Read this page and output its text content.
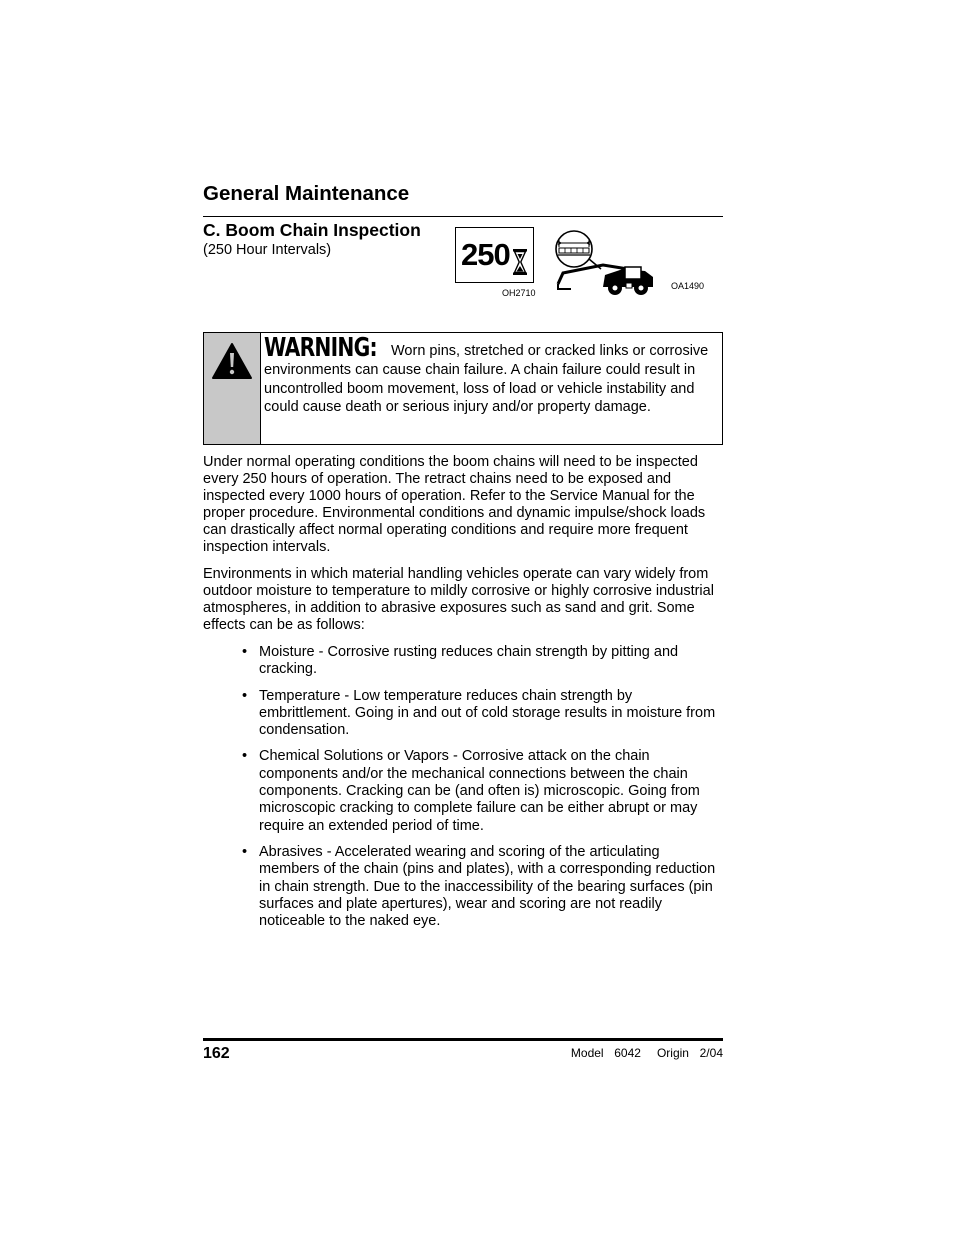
General Maintenance
C. Boom Chain Inspection
(250 Hour Intervals)	250
OH2710
OA1490
WARNING: Worn pins, stretched or cracked links or corrosive environments can cause chain failure. A chain failure could result in uncontrolled boom movement, loss of load or vehicle instability and could cause death or serious injury and/or property damage.

Under normal operating conditions the boom chains will need to be inspected every 250 hours of operation. The retract chains need to be exposed and inspected every 1000 hours of operation. Refer to the Service Manual for the proper procedure. Environmental conditions and dynamic impulse/shock loads can drastically affect normal operating conditions and require more frequent inspection intervals.

Environments in which material handling vehicles operate can vary widely from outdoor moisture to temperature to mildly corrosive or highly corrosive industrial atmospheres, in addition to abrasive exposures such as sand and grit. Some effects can be as follows:

• Moisture - Corrosive rusting reduces chain strength by pitting and cracking.
• Temperature - Low temperature reduces chain strength by embrittlement. Going in and out of cold storage results in moisture from condensation.
• Chemical Solutions or Vapors - Corrosive attack on the chain components and/or the mechanical connections between the chain components. Cracking can be (and often is) microscopic. Going from microscopic cracking to complete failure can be either abrupt or may require an extended period of time.
• Abrasives - Accelerated wearing and scoring of the articulating members of the chain (pins and plates), with a corresponding reduction in chain strength. Due to the inaccessibility of the bearing surfaces (pin surfaces and plate apertures), wear and scoring are not readily noticeable to the naked eye.
162	Model  6042   Origin  2/04
